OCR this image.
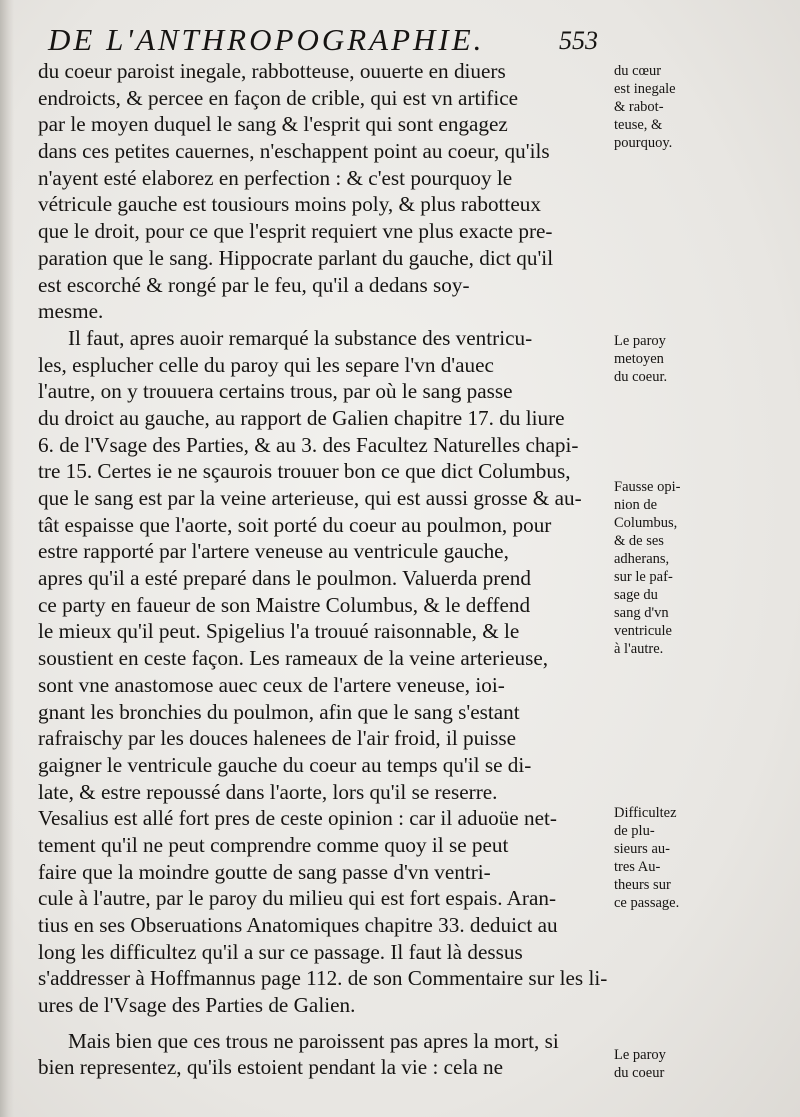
DE L'ANTHROPOGRAPHIE.	553
du coeur paroist inegale, rabbotteuse, ouuerte en diuers
endroicts, & percee en façon de crible, qui est vn artifice
par le moyen duquel le sang & l'esprit qui sont engagez
dans ces petites cauernes, n'eschappent point au coeur, qu'ils
n'ayent esté elaborez en perfection : & c'est pourquoy le
vétricule gauche est tousiours moins poly, & plus rabotteux
que le droit, pour ce que l'esprit requiert vne plus exacte pre-
paration que le sang. Hippocrate parlant du gauche, dict qu'il
est escorché & rongé par le feu, qu'il a dedans soy-
mesme.
Il faut, apres auoir remarqué la substance des ventricu-
les, esplucher celle du paroy qui les separe l'vn d'auec
l'autre, on y trouuera certains trous, par où le sang passe
du droict au gauche, au rapport de Galien chapitre 17. du liure
6. de l'Vsage des Parties, & au 3. des Facultez Naturelles chapi-
tre 15. Certes ie ne sçaurois trouuer bon ce que dict Columbus,
que le sang est par la veine arterieuse, qui est aussi grosse & au-
tât espaisse que l'aorte, soit porté du coeur au poulmon, pour
estre rapporté par l'artere veneuse au ventricule gauche,
apres qu'il a esté preparé dans le poulmon. Valuerda prend
ce party en faueur de son Maistre Columbus, & le deffend
le mieux qu'il peut. Spigelius l'a trouué raisonnable, & le
soustient en ceste façon. Les rameaux de la veine arterieuse,
sont vne anastomose auec ceux de l'artere veneuse, ioi-
gnant les bronchies du poulmon, afin que le sang s'estant
rafraischy par les douces halenees de l'air froid, il puisse
gaigner le ventricule gauche du coeur au temps qu'il se di-
late, & estre repoussé dans l'aorte, lors qu'il se reserre.
Vesalius est allé fort pres de ceste opinion : car il aduoüe net-
tement qu'il ne peut comprendre comme quoy il se peut
faire que la moindre goutte de sang passe d'vn ventri-
cule à l'autre, par le paroy du milieu qui est fort espais. Aran-
tius en ses Obseruations Anatomiques chapitre 33. deduict au
long les difficultez qu'il a sur ce passage. Il faut là dessus
s'addresser à Hoffmannus page 112. de son Commentaire sur les li-
ures de l'Vsage des Parties de Galien.
Mais bien que ces trous ne paroissent pas apres la mort, si
bien representez, qu'ils estoient pendant la vie : cela ne
du cœur
est inegale
& rabot-
teuse, &
pourquoy.
Le paroy
metoyen
du coeur.
Fausse opi-
nion de
Columbus,
& de ses
adherans,
sur le paf-
sage du
sang d'vn
ventricule
à l'autre.
Difficultez
de plu-
sieurs au-
tres Au-
theurs sur
ce passage.
Le paroy
du coeur
